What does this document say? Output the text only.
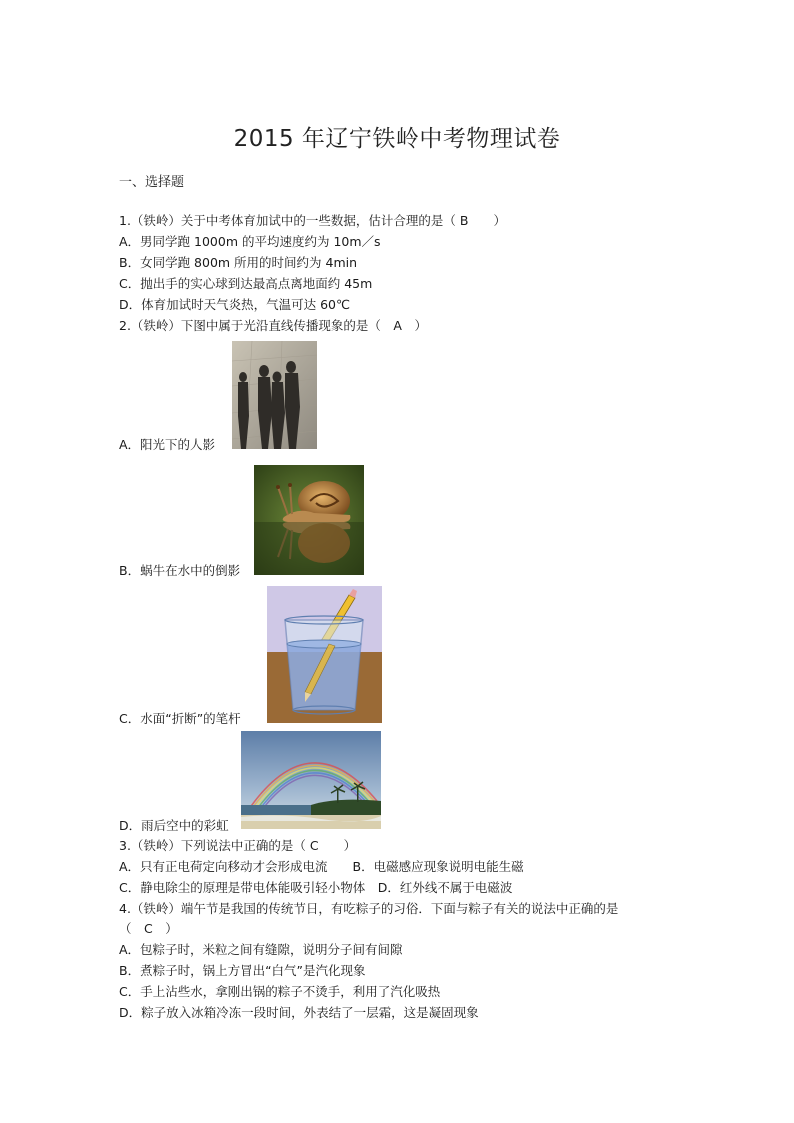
2015 年辽宁铁岭中考物理试卷
一、选择题
1.（铁岭）关于中考体育加试中的一些数据，估计合理的是（ B　　）
A．男同学跑 1000m 的平均速度约为 10m／s
B．女同学跑 800m 所用的时间约为 4min
C．抛出手的实心球到达最高点离地面约 45m
D．体育加试时天气炎热，气温可达 60℃
2.（铁岭）下图中属于光沿直线传播现象的是（　A　）
A．阳光下的人影
B．蜗牛在水中的倒影
C．水面“折断”的笔杆
D．雨后空中的彩虹
3.（铁岭）下列说法中正确的是（ C　　）
A．只有正电荷定向移动才会形成电流　　B．电磁感应现象说明电能生磁
C．静电除尘的原理是带电体能吸引轻小物体　D．红外线不属于电磁波
4.（铁岭）端午节是我国的传统节日，有吃粽子的习俗．下面与粽子有关的说法中正确的是
（　C　）
A．包粽子时，米粒之间有缝隙，说明分子间有间隙
B．煮粽子时，锅上方冒出“白气”是汽化现象
C．手上沾些水，拿刚出锅的粽子不烫手，利用了汽化吸热
D．粽子放入冰箱冷冻一段时间，外表结了一层霜，这是凝固现象
